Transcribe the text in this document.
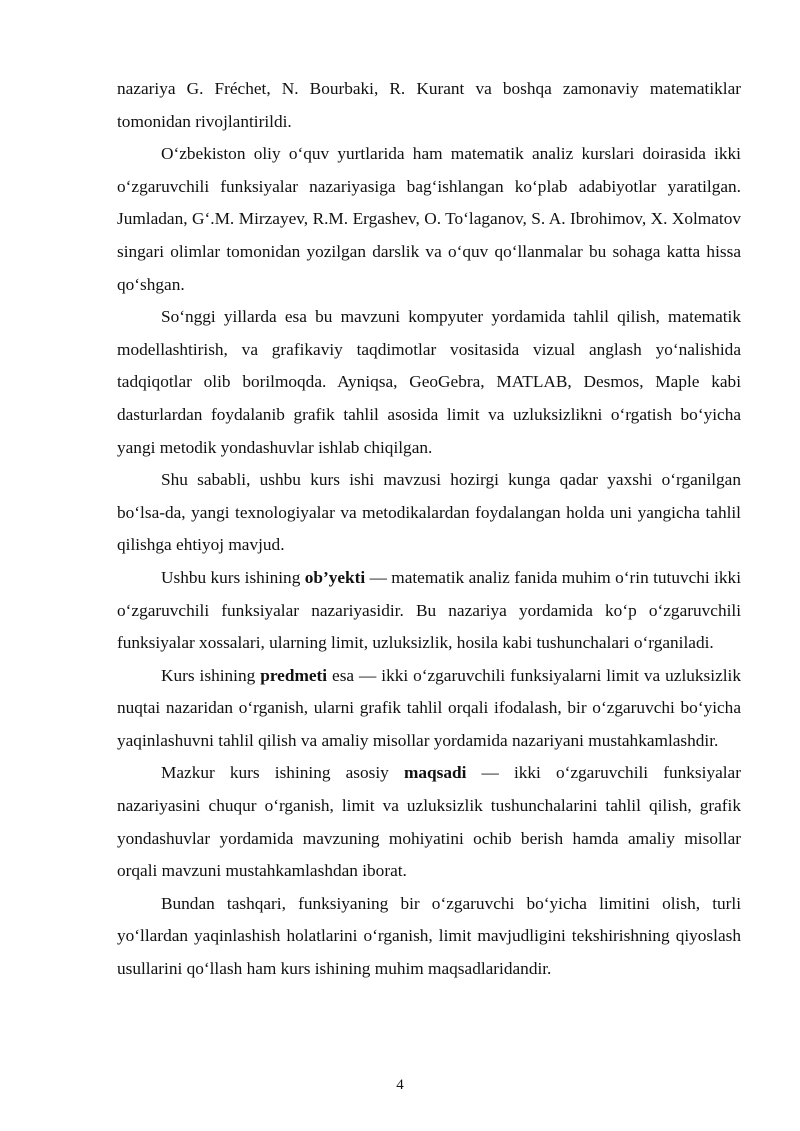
nazariya G. Fréchet, N. Bourbaki, R. Kurant va boshqa zamonaviy matematiklar tomonidan rivojlantirildi.

O‘zbekiston oliy o‘quv yurtlarida ham matematik analiz kurslari doirasida ikki o‘zgaruvchili funksiyalar nazariyasiga bag‘ishlangan ko‘plab adabiyotlar yaratilgan. Jumladan, G‘.M. Mirzayev, R.M. Ergashev, O. To‘laganov, S. A. Ibrohimov, X. Xolmatov singari olimlar tomonidan yozilgan darslik va o‘quv qo‘llanmalar bu sohaga katta hissa qo‘shgan.

So‘nggi yillarda esa bu mavzuni kompyuter yordamida tahlil qilish, matematik modellashtirish, va grafikaviy taqdimotlar vositasida vizual anglash yo‘nalishida tadqiqotlar olib borilmoqda. Ayniqsa, GeoGebra, MATLAB, Desmos, Maple kabi dasturlardan foydalanib grafik tahlil asosida limit va uzluksizlikni o‘rgatish bo‘yicha yangi metodik yondashuvlar ishlab chiqilgan.

Shu sababli, ushbu kurs ishi mavzusi hozirgi kunga qadar yaxshi o‘rganilgan bo‘lsa-da, yangi texnologiyalar va metodikalardan foydalangan holda uni yangicha tahlil qilishga ehtiyoj mavjud.

Ushbu kurs ishining ob’yekti — matematik analiz fanida muhim o‘rin tutuvchi ikki o‘zgaruvchili funksiyalar nazariyasidir. Bu nazariya yordamida ko‘p o‘zgaruvchili funksiyalar xossalari, ularning limit, uzluksizlik, hosila kabi tushunchalari o‘rganiladi.

Kurs ishining predmeti esa — ikki o‘zgaruvchili funksiyalarni limit va uzluksizlik nuqtai nazaridan o‘rganish, ularni grafik tahlil orqali ifodalash, bir o‘zgaruvchi bo‘yicha yaqinlashuvni tahlil qilish va amaliy misollar yordamida nazariyani mustahkamlashdir.

Mazkur kurs ishining asosiy maqsadi — ikki o‘zgaruvchili funksiyalar nazariyasini chuqur o‘rganish, limit va uzluksizlik tushunchalarini tahlil qilish, grafik yondashuvlar yordamida mavzuning mohiyatini ochib berish hamda amaliy misollar orqali mavzuni mustahkamlashdan iborat.

Bundan tashqari, funksiyaning bir o‘zgaruvchi bo‘yicha limitini olish, turli yo‘llardan yaqinlashish holatlarini o‘rganish, limit mavjudligini tekshirishning qiyoslash usullarini qo‘llash ham kurs ishining muhim maqsadlaridandir.

4
